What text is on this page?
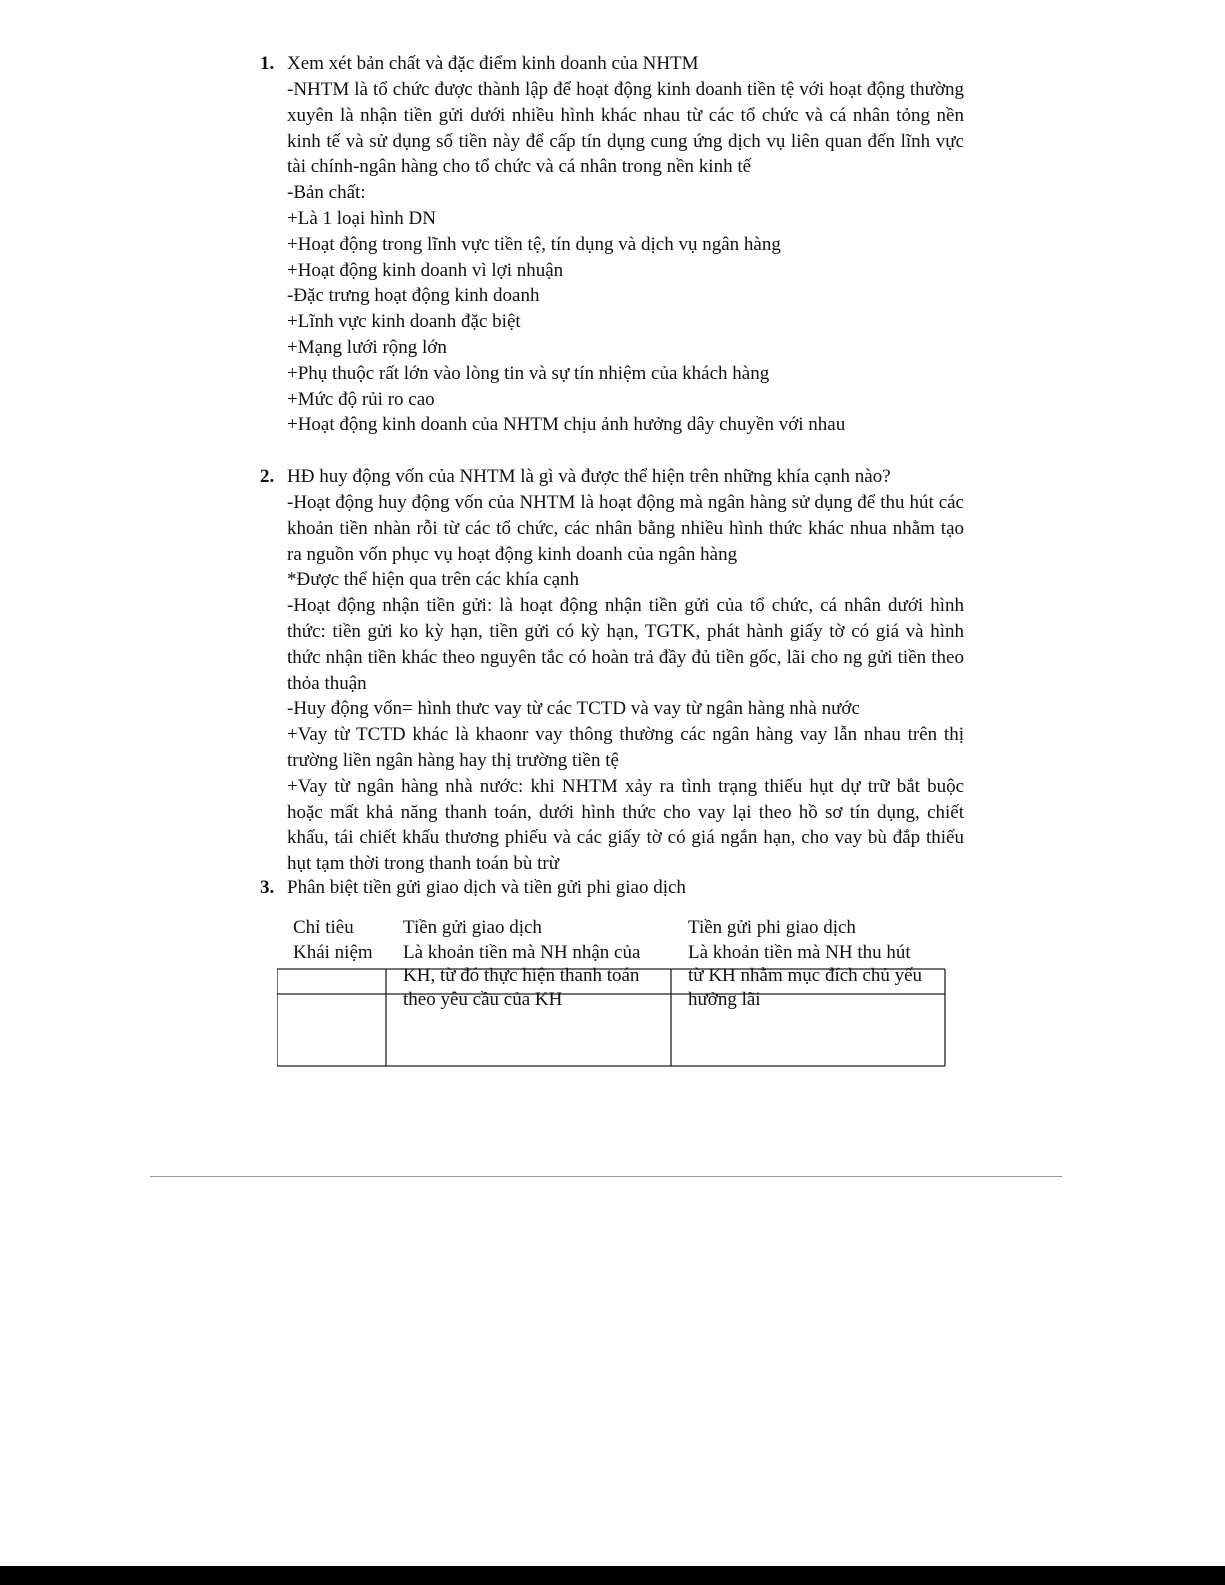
1. Xem xét bản chất và đặc điểm kinh doanh của NHTM

-NHTM là tổ chức được thành lập để hoạt động kinh doanh tiền tệ với hoạt động thường xuyên là nhận tiền gửi dưới nhiều hình khác nhau từ các tổ chức và cá nhân tỏng nền kinh tế và sử dụng số tiền này để cấp tín dụng cung ứng dịch vụ liên quan đến lĩnh vực tài chính-ngân hàng cho tổ chức và cá nhân trong nền kinh tế

-Bản chất:

+Là 1 loại hình DN

+Hoạt động trong lĩnh vực tiền tệ, tín dụng và dịch vụ ngân hàng

+Hoạt động kinh doanh vì lợi nhuận

-Đặc trưng hoạt động kinh doanh

+Lĩnh vực kinh doanh đặc biệt

+Mạng lưới rộng lớn

+Phụ thuộc rất lớn vào lòng tin và sự tín nhiệm của khách hàng

+Mức độ rủi ro cao

+Hoạt động kinh doanh của NHTM chịu ảnh hưởng dây chuyền với nhau

2. HĐ huy động vốn của NHTM là gì và được thể hiện trên những khía cạnh nào?

-Hoạt động huy động vốn của NHTM là hoạt động mà ngân hàng sử dụng để thu hút các khoản tiền nhàn rỗi từ các tổ chức, các nhân bằng nhiều hình thức khác nhua nhằm tạo ra nguồn vốn phục vụ hoạt động kinh doanh của ngân hàng

*Được thể hiện qua trên các khía cạnh

-Hoạt động nhận tiền gửi: là hoạt động nhận tiền gửi của tổ chức, cá nhân dưới hình thức: tiền gửi ko kỳ hạn, tiền gửi có kỳ hạn, TGTK, phát hành giấy tờ có giá và hình thức nhận tiền khác theo nguyên tắc có hoàn trả đầy đủ tiền gốc, lãi cho ng gửi tiền theo thỏa thuận

-Huy động vốn= hình thưc vay từ các TCTD và vay từ ngân hàng nhà nước

+Vay từ TCTD khác là khaonr vay thông thường các ngân hàng vay lẫn nhau trên thị trường liền ngân hàng hay thị trường tiền tệ

+Vay từ ngân hàng nhà nước: khi NHTM xảy ra tình trạng thiếu hụt dự trữ bắt buộc hoặc mất khả năng thanh toán, dưới hình thức cho vay lại theo hồ sơ tín dụng, chiết khấu, tái chiết khấu thương phiếu và các giấy tờ có giá ngắn hạn, cho vay bù đắp thiếu hụt tạm thời trong thanh toán bù trừ

3. Phân biệt tiền gửi giao dịch và tiền gửi phi giao dịch
Chỉ tiêu	Tiền gửi giao dịch	Tiền gửi phi giao dịch
Khái niệm Là khoản tiền mà NH nhận của
KH, từ đó thực hiện thanh toán
theo yêu cầu của KH
Là khoản tiền mà NH thu hút
từ KH nhằm mục đích chủ yếu
hưởng lãi
